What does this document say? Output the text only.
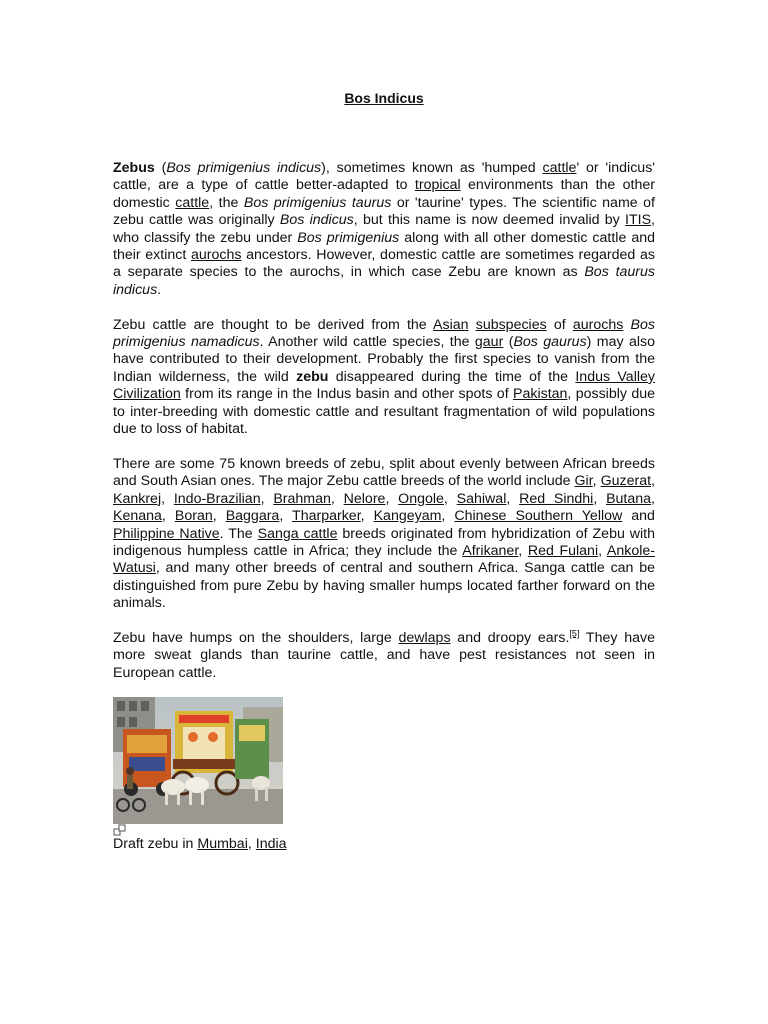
Bos Indicus

Zebus (Bos primigenius indicus), sometimes known as 'humped cattle' or 'indicus' cattle, are a type of cattle better-adapted to tropical environments than the other domestic cattle, the Bos primigenius taurus or 'taurine' types. The scientific name of zebu cattle was originally Bos indicus, but this name is now deemed invalid by ITIS, who classify the zebu under Bos primigenius along with all other domestic cattle and their extinct aurochs ancestors. However, domestic cattle are sometimes regarded as a separate species to the aurochs, in which case Zebu are known as Bos taurus indicus.

Zebu cattle are thought to be derived from the Asian subspecies of aurochs Bos primigenius namadicus. Another wild cattle species, the gaur (Bos gaurus) may also have contributed to their development. Probably the first species to vanish from the Indian wilderness, the wild zebu disappeared during the time of the Indus Valley Civilization from its range in the Indus basin and other spots of Pakistan, possibly due to inter-breeding with domestic cattle and resultant fragmentation of wild populations due to loss of habitat.

There are some 75 known breeds of zebu, split about evenly between African breeds and South Asian ones. The major Zebu cattle breeds of the world include Gir, Guzerat, Kankrej, Indo-Brazilian, Brahman, Nelore, Ongole, Sahiwal, Red Sindhi, Butana, Kenana, Boran, Baggara, Tharparker, Kangeyam, Chinese Southern Yellow and Philippine Native. The Sanga cattle breeds originated from hybridization of Zebu with indigenous humpless cattle in Africa; they include the Afrikaner, Red Fulani, Ankole-Watusi, and many other breeds of central and southern Africa. Sanga cattle can be distinguished from pure Zebu by having smaller humps located farther forward on the animals.

Zebu have humps on the shoulders, large dewlaps and droopy ears.[5] They have more sweat glands than taurine cattle, and have pest resistances not seen in European cattle.

Draft zebu in Mumbai, India
